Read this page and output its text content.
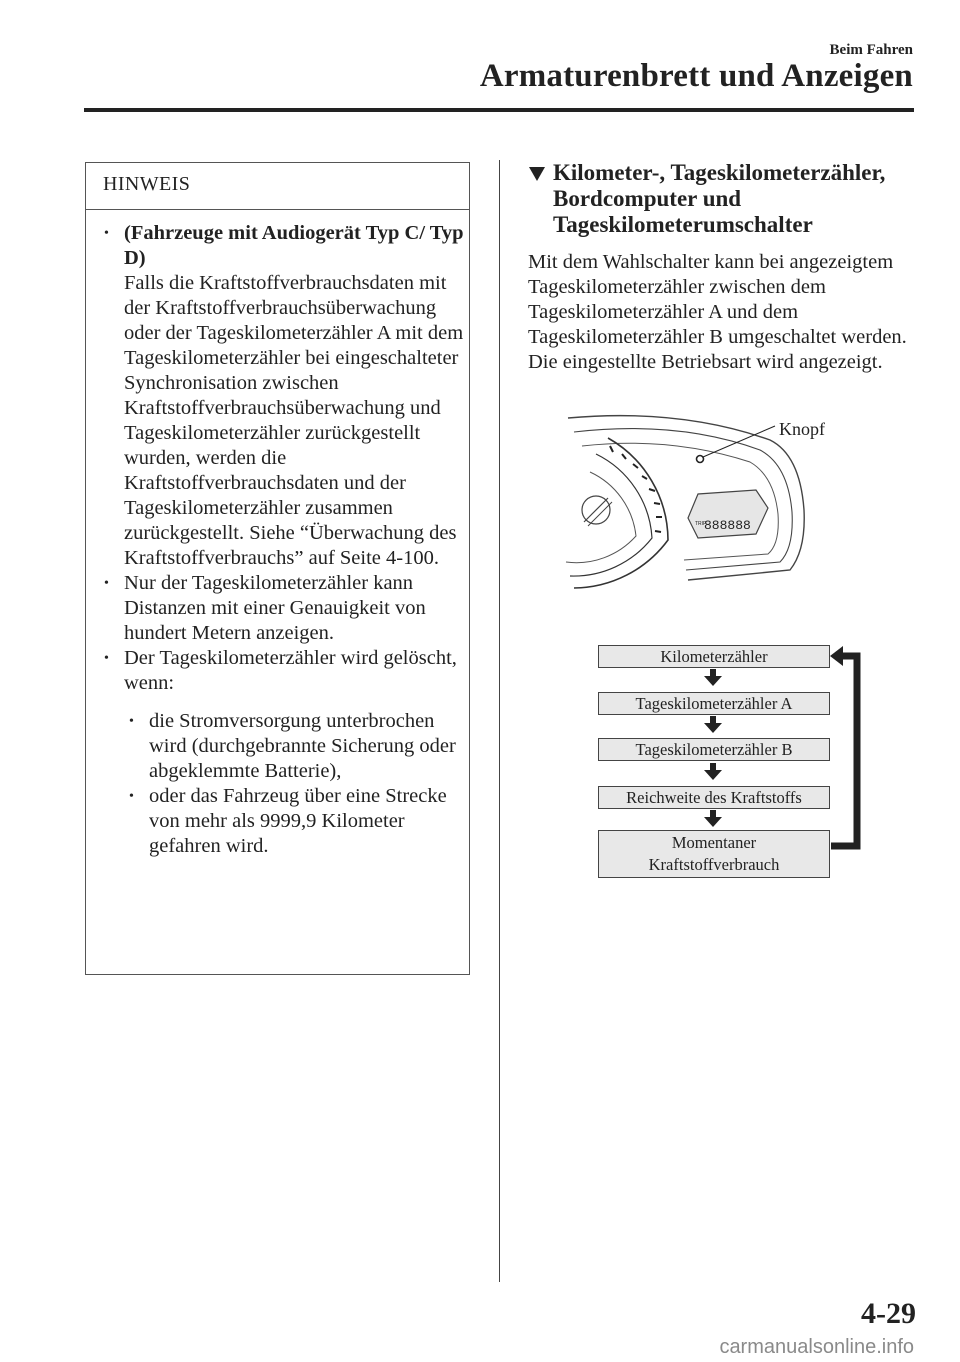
Beim Fahren
Armaturenbrett und Anzeigen
HINWEIS
• (Fahrzeuge mit Audiogerät Typ C/ Typ D)
Falls die Kraftstoffverbrauchsdaten mit der Kraftstoffverbrauchsüberwachung oder der Tageskilometerzähler A mit dem Tageskilometerzähler bei eingeschalteter Synchronisation zwischen Kraftstoffverbrauchsüberwachung und Tageskilometerzähler zurückgestellt wurden, werden die Kraftstoffverbrauchsdaten und der Tageskilometerzähler zusammen zurückgestellt. Siehe “Überwachung des Kraftstoffverbrauchs” auf Seite 4-100.
• Nur der Tageskilometerzähler kann Distanzen mit einer Genauigkeit von hundert Metern anzeigen.
• Der Tageskilometerzähler wird gelöscht, wenn:
• die Stromversorgung unterbrochen wird (durchgebrannte Sicherung oder abgeklemmte Batterie),
• oder das Fahrzeug über eine Strecke von mehr als 9999,9 Kilometer gefahren wird.
Kilometer-, Tageskilometerzähler, Bordcomputer und Tageskilometerumschalter
Mit dem Wahlschalter kann bei angezeigtem Tageskilometerzähler zwischen dem Tageskilometerzähler A und dem Tageskilometerzähler B umgeschaltet werden. Die eingestellte Betriebsart wird angezeigt.
TRIP
888888
Knopf
Kilometerzähler
Tageskilometerzähler A
Tageskilometerzähler B
Reichweite des Kraftstoffs
Momentaner
Kraftstoffverbrauch
4-29
carmanualsonline.info
